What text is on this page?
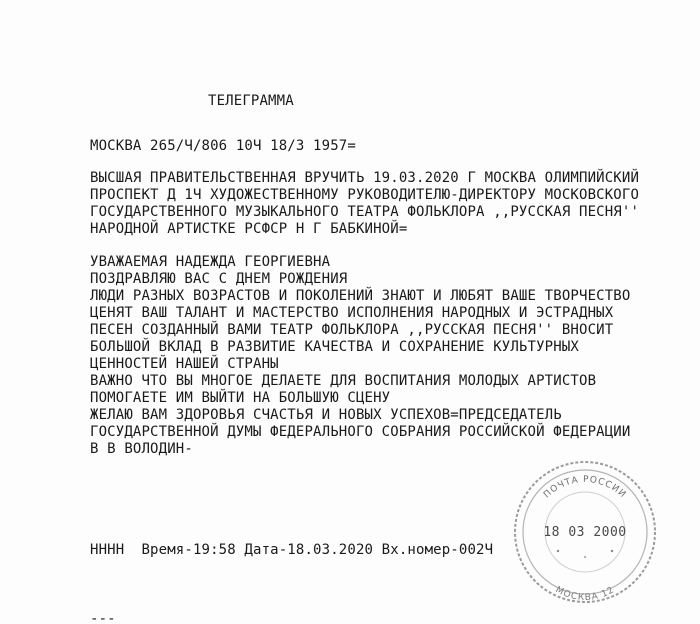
ТЕЛЕГРАММА
МОСКВА 265/Ч/806 10Ч 18/3 1957=
ВЫСШАЯ ПРАВИТЕЛЬСТВЕННАЯ ВРУЧИТЬ 19.03.2020 Г МОСКВА ОЛИМПИЙСКИЙ
ПРОСПЕКТ Д 1Ч ХУДОЖЕСТВЕННОМУ РУКОВОДИТЕЛЮ-ДИРЕКТОРУ МОСКОВСКОГО
ГОСУДАРСТВЕННОГО МУЗЫКАЛЬНОГО ТЕАТРА ФОЛЬКЛОРА ,,РУССКАЯ ПЕСНЯ''
НАРОДНОЙ АРТИСТКЕ РСФСР Н Г БАБКИНОЙ=
УВАЖАЕМАЯ НАДЕЖДА ГЕОРГИЕВНА
ПОЗДРАВЛЯЮ ВАС С ДНЕМ РОЖДЕНИЯ
ЛЮДИ РАЗНЫХ ВОЗРАСТОВ И ПОКОЛЕНИЙ ЗНАЮТ И ЛЮБЯТ ВАШЕ ТВОРЧЕСТВО
ЦЕНЯТ ВАШ ТАЛАНТ И МАСТЕРСТВО ИСПОЛНЕНИЯ НАРОДНЫХ И ЭСТРАДНЫХ
ПЕСЕН СОЗДАННЫЙ ВАМИ ТЕАТР ФОЛЬКЛОРА ,,РУССКАЯ ПЕСНЯ'' ВНОСИТ
БОЛЬШОЙ ВКЛАД В РАЗВИТИЕ КАЧЕСТВА И СОХРАНЕНИЕ КУЛЬТУРНЫХ
ЦЕННОСТЕЙ НАШЕЙ СТРАНЫ
ВАЖНО ЧТО ВЫ МНОГОЕ ДЕЛАЕТЕ ДЛЯ ВОСПИТАНИЯ МОЛОДЫХ АРТИСТОВ
ПОМОГАЕТЕ ИМ ВЫЙТИ НА БОЛЬШУЮ СЦЕНУ
ЖЕЛАЮ ВАМ ЗДОРОВЬЯ СЧАСТЬЯ И НОВЫХ УСПЕХОВ=ПРЕДСЕДАТЕЛЬ
ГОСУДАРСТВЕННОЙ ДУМЫ ФЕДЕРАЛЬНОГО СОБРАНИЯ РОССИЙСКОЙ ФЕДЕРАЦИИ
В В ВОЛОДИН-
НННН  Время-19:58 Дата-18.03.2020 Вх.номер-002Ч
---
ПОЧТА РОССИИ
18 03 2000
МОСКВА 12
